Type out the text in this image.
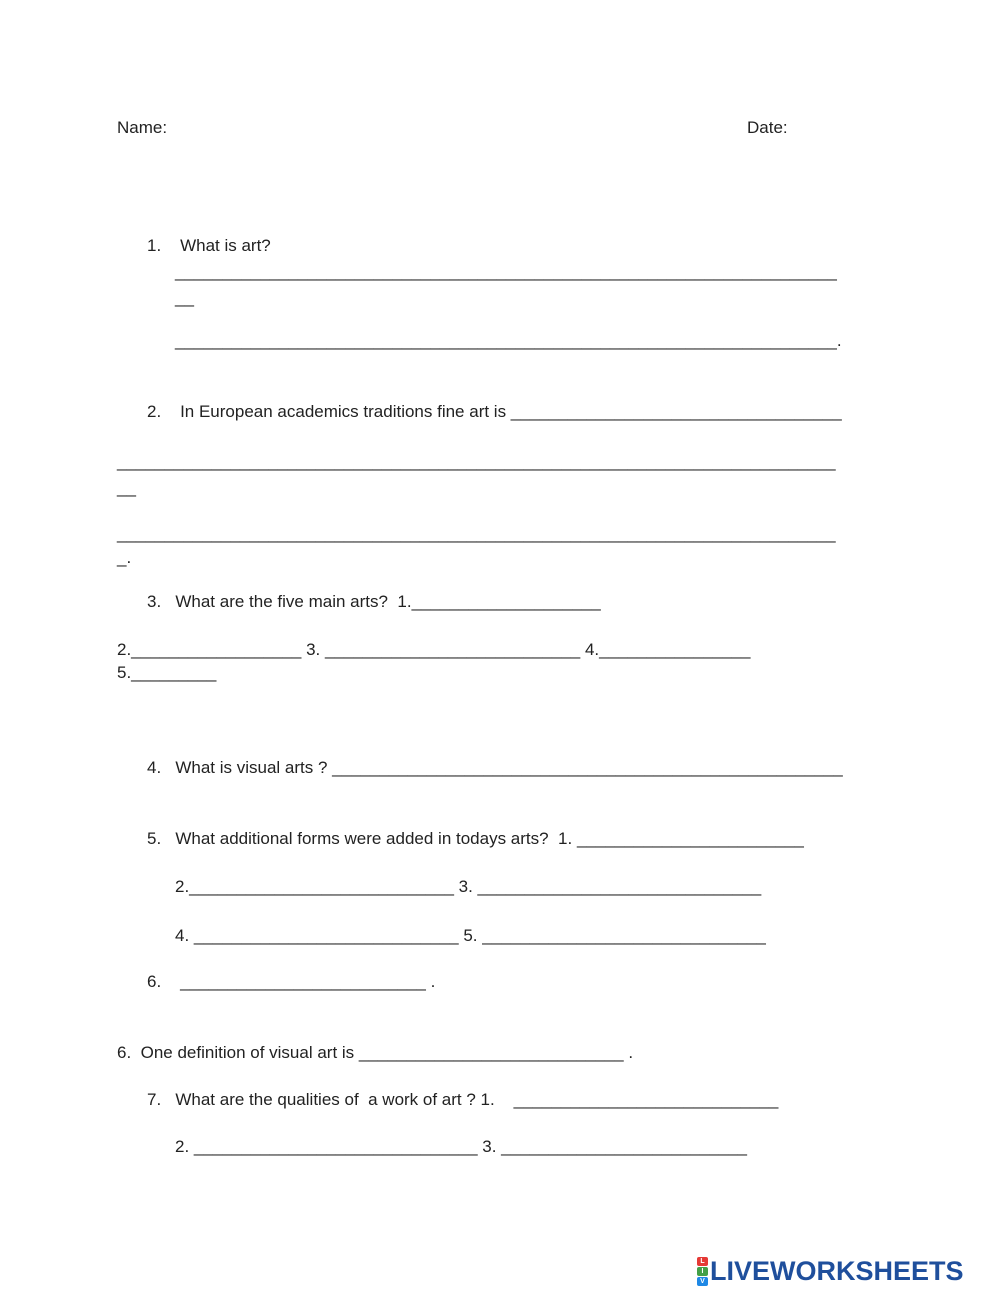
Name:	Date:
1.    What is art?
______________________________________________________________________
__
______________________________________________________________________.
2.    In European academics traditions fine art is ___________________________________
____________________________________________________________________________
__
____________________________________________________________________________
_.
3.   What are the five main arts?  1.____________________
2.__________________ 3. ___________________________ 4.________________
5._________
4.   What is visual arts ? ______________________________________________________
5.   What additional forms were added in todays arts?  1. ________________________
2.____________________________ 3. ______________________________
4. ____________________________ 5. ______________________________
6.    __________________________ .
6.  One definition of visual art is ____________________________ .
7.   What are the qualities of  a work of art ? 1.    ____________________________
2. ______________________________ 3. __________________________
L
I
V LIVEWORKSHEETS
